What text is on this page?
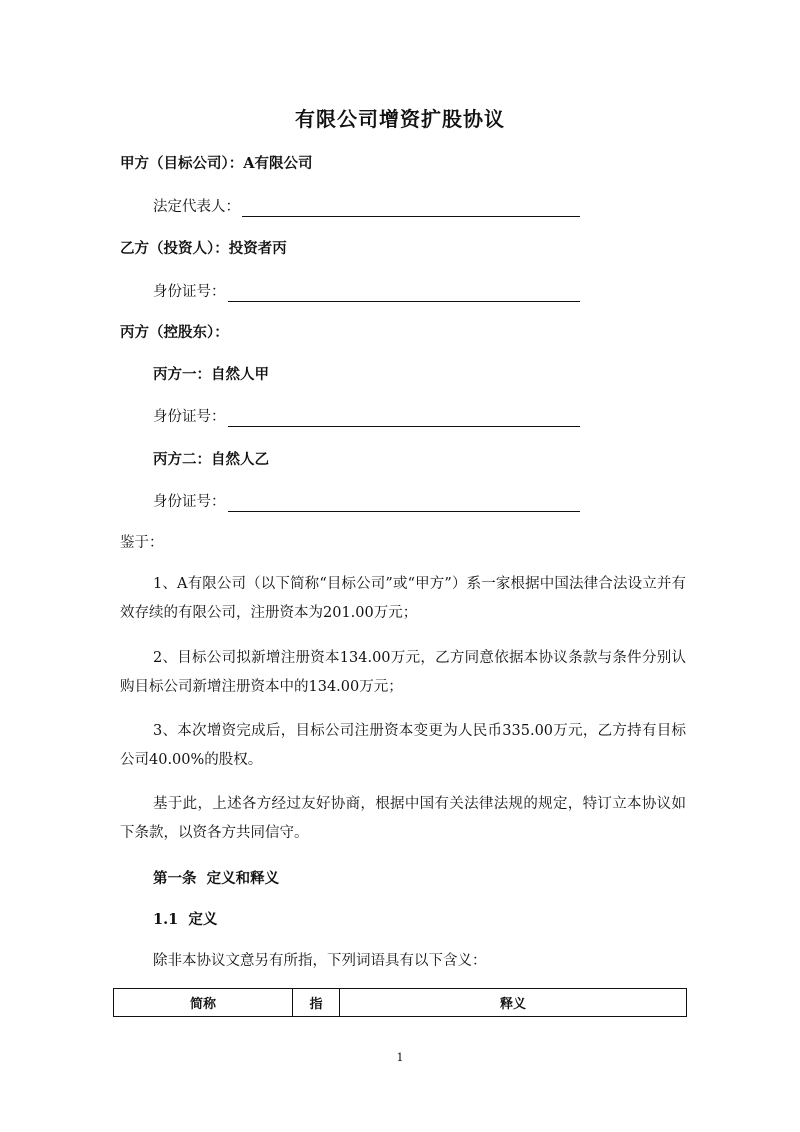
有限公司增资扩股协议
甲方（目标公司）：A有限公司
法定代表人：
乙方（投资人）：投资者丙
身份证号：
丙方（控股东）：
丙方一：自然人甲
身份证号：
丙方二：自然人乙
身份证号：
鉴于：
1、A有限公司（以下简称“目标公司”或“甲方”）系一家根据中国法律合法设立并有效存续的有限公司，注册资本为201.00万元；
2、目标公司拟新增注册资本134.00万元，乙方同意依据本协议条款与条件分别认购目标公司新增注册资本中的134.00万元；
3、本次增资完成后，目标公司注册资本变更为人民币335.00万元，乙方持有目标公司40.00%的股权。
基于此，上述各方经过友好协商，根据中国有关法律法规的规定，特订立本协议如下条款，以资各方共同信守。
第一条  定义和释义
1.1  定义
除非本协议文意另有所指，下列词语具有以下含义：
简称	指	释义
1
